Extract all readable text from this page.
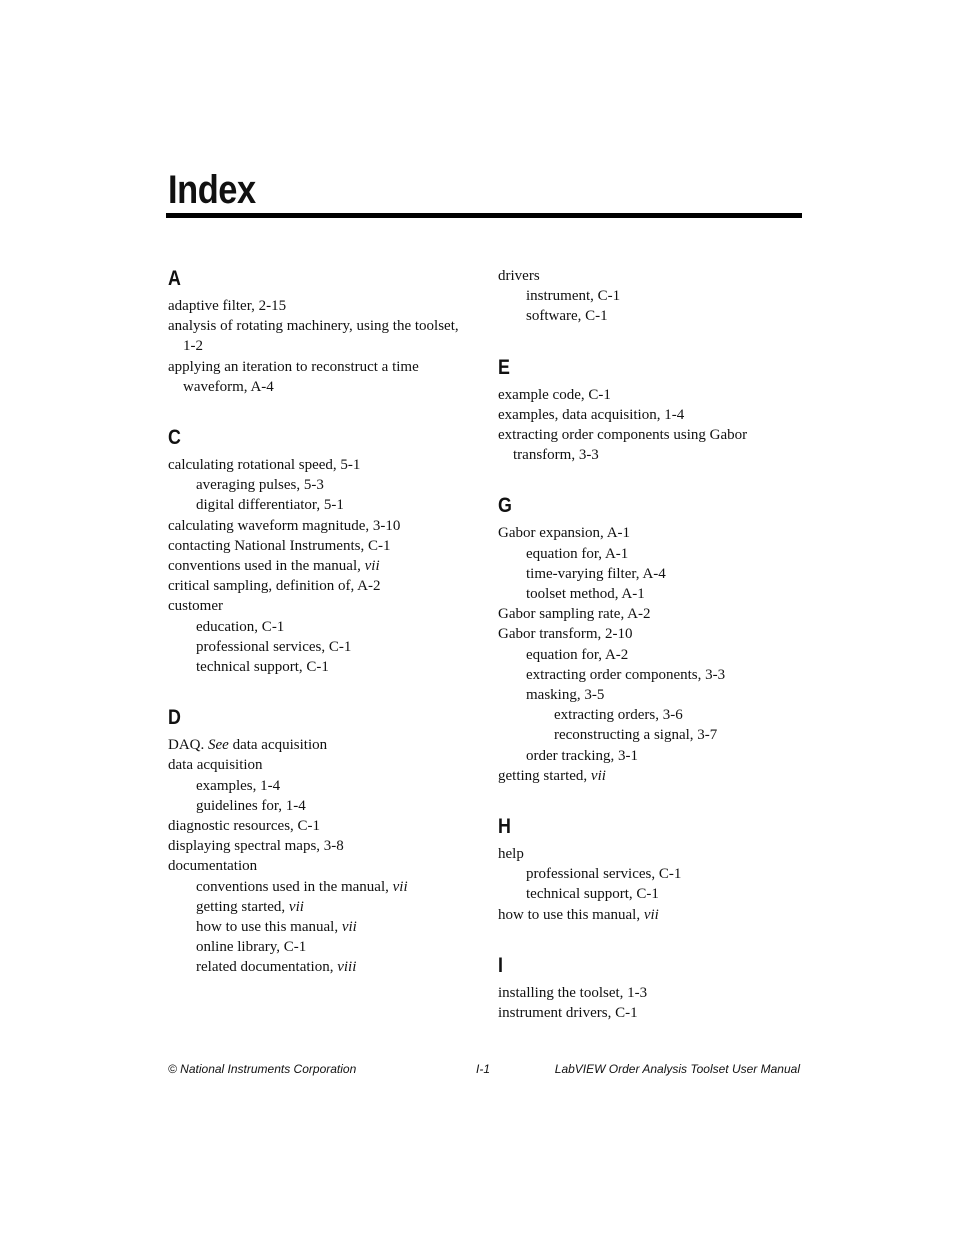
Index
A
adaptive filter, 2-15
analysis of rotating machinery, using the toolset, 1-2
applying an iteration to reconstruct a time waveform, A-4
C
calculating rotational speed, 5-1
averaging pulses, 5-3
digital differentiator, 5-1
calculating waveform magnitude, 3-10
contacting National Instruments, C-1
conventions used in the manual, vii
critical sampling, definition of, A-2
customer
education, C-1
professional services, C-1
technical support, C-1
D
DAQ. See data acquisition
data acquisition
examples, 1-4
guidelines for, 1-4
diagnostic resources, C-1
displaying spectral maps, 3-8
documentation
conventions used in the manual, vii
getting started, vii
how to use this manual, vii
online library, C-1
related documentation, viii
drivers
instrument, C-1
software, C-1
E
example code, C-1
examples, data acquisition, 1-4
extracting order components using Gabor transform, 3-3
G
Gabor expansion, A-1
equation for, A-1
time-varying filter, A-4
toolset method, A-1
Gabor sampling rate, A-2
Gabor transform, 2-10
equation for, A-2
extracting order components, 3-3
masking, 3-5
extracting orders, 3-6
reconstructing a signal, 3-7
order tracking, 3-1
getting started, vii
H
help
professional services, C-1
technical support, C-1
how to use this manual, vii
I
installing the toolset, 1-3
instrument drivers, C-1
© National Instruments Corporation	I-1	LabVIEW Order Analysis Toolset User Manual
